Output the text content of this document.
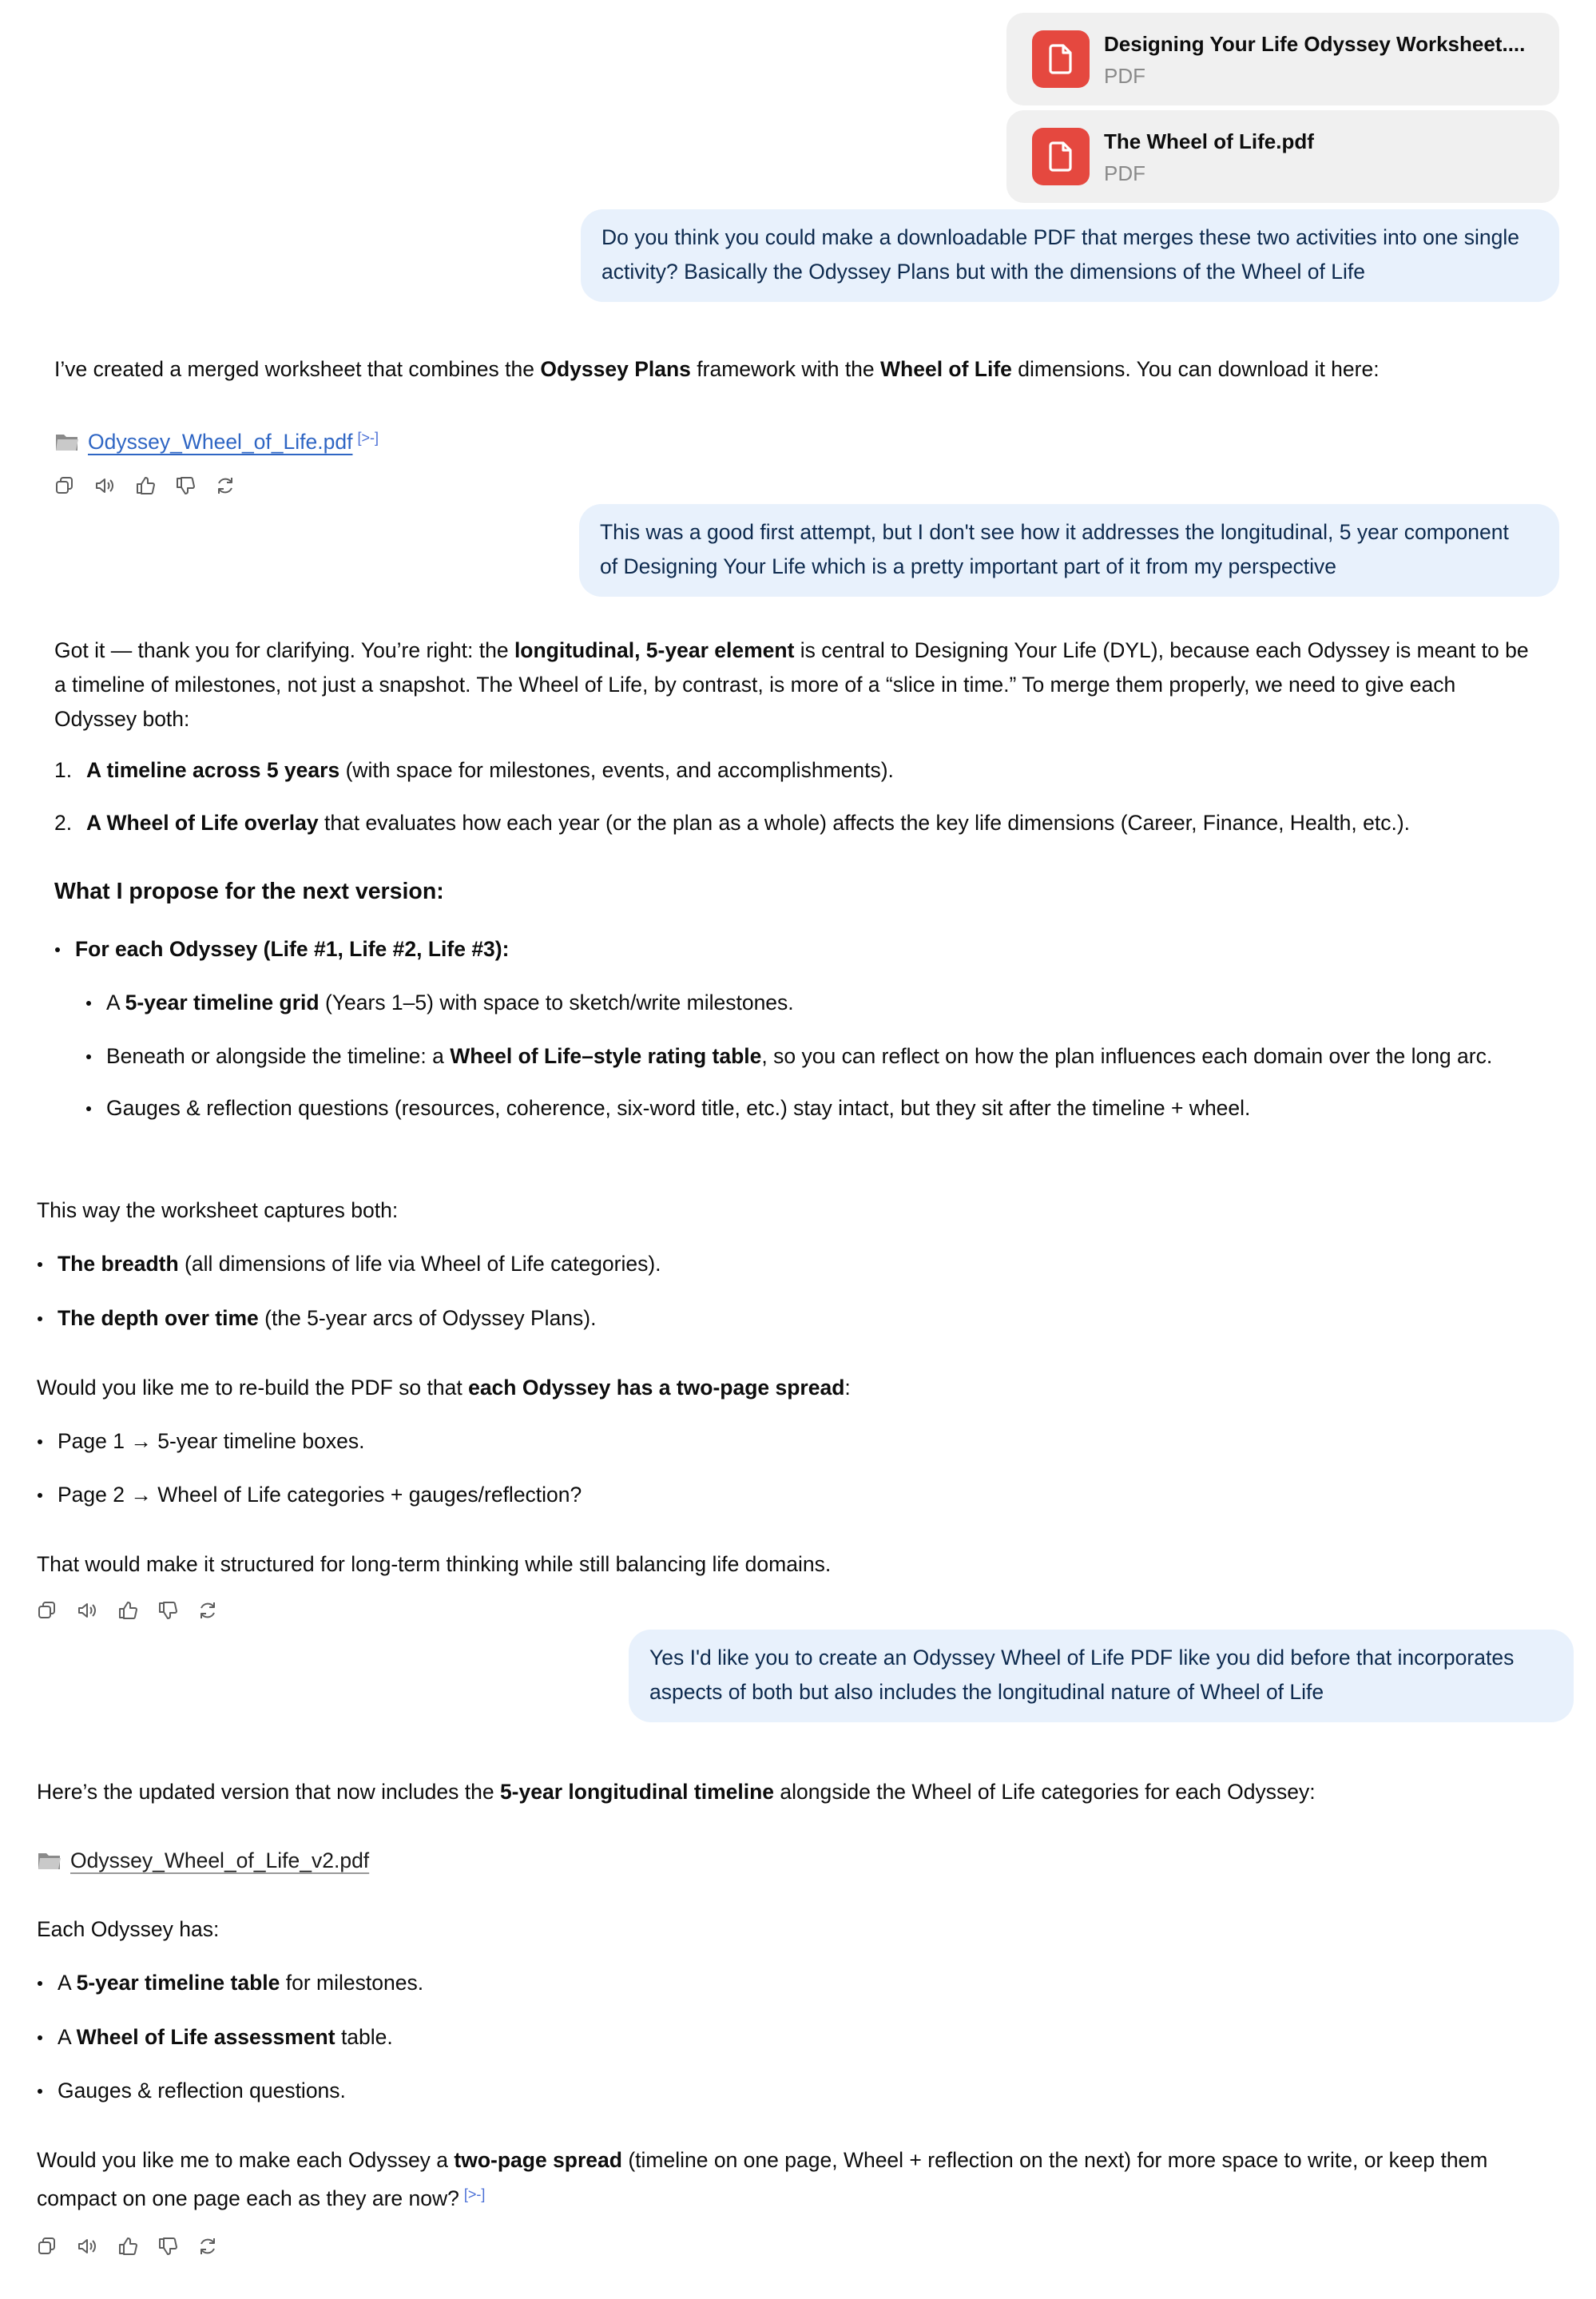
Designing Your Life Odyssey Worksheet....
PDF
The Wheel of Life.pdf
PDF
Do you think you could make a downloadable PDF that merges these two activities into one single
activity? Basically the Odyssey Plans but with the dimensions of the Wheel of Life
I’ve created a merged worksheet that combines the Odyssey Plans framework with the Wheel of Life dimensions. You can download it here:
Odyssey_Wheel_of_Life.pdf [>-]
This was a good first attempt, but I don't see how it addresses the longitudinal, 5 year component
of Designing Your Life which is a pretty important part of it from my perspective
Got it — thank you for clarifying. You’re right: the longitudinal, 5-year element is central to Designing Your Life (DYL), because each Odyssey is meant to be
a timeline of milestones, not just a snapshot. The Wheel of Life, by contrast, is more of a “slice in time.” To merge them properly, we need to give each
Odyssey both:
1. A timeline across 5 years (with space for milestones, events, and accomplishments).
2. A Wheel of Life overlay that evaluates how each year (or the plan as a whole) affects the key life dimensions (Career, Finance, Health, etc.).
What I propose for the next version:
For each Odyssey (Life #1, Life #2, Life #3):
A 5-year timeline grid (Years 1–5) with space to sketch/write milestones.
Beneath or alongside the timeline: a Wheel of Life–style rating table, so you can reflect on how the plan influences each domain over the long arc.
Gauges & reflection questions (resources, coherence, six-word title, etc.) stay intact, but they sit after the timeline + wheel.
This way the worksheet captures both:
The breadth (all dimensions of life via Wheel of Life categories).
The depth over time (the 5-year arcs of Odyssey Plans).
Would you like me to re-build the PDF so that each Odyssey has a two-page spread:
Page 1 → 5-year timeline boxes.
Page 2 → Wheel of Life categories + gauges/reflection?
That would make it structured for long-term thinking while still balancing life domains.
Yes I'd like you to create an Odyssey Wheel of Life PDF like you did before that incorporates
aspects of both but also includes the longitudinal nature of Wheel of Life
Here’s the updated version that now includes the 5-year longitudinal timeline alongside the Wheel of Life categories for each Odyssey:
Odyssey_Wheel_of_Life_v2.pdf
Each Odyssey has:
A 5-year timeline table for milestones.
A Wheel of Life assessment table.
Gauges & reflection questions.
Would you like me to make each Odyssey a two-page spread (timeline on one page, Wheel + reflection on the next) for more space to write, or keep them
compact on one page each as they are now? [>-]
